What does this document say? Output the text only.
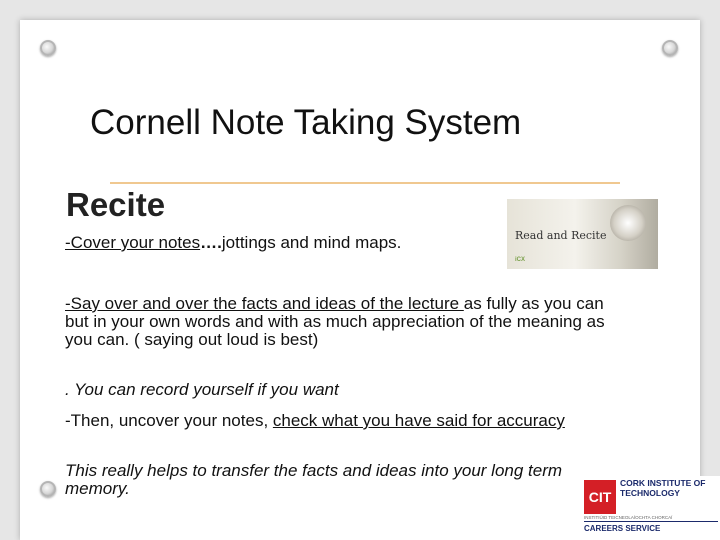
Cornell Note Taking System
Recite

-Cover your notes….jottings and mind maps.	Read and Recite
iCX

-Say over and over the facts and ideas of the lecture as fully as you can but in your own words and with as much appreciation of the meaning as you can. ( saying out loud is best)

. You can record yourself if you want

-Then, uncover your notes, check what you have said for accuracy

This really helps to transfer the facts and ideas into your long term memory.	CIT
CORK INSTITUTE OF TECHNOLOGY
INSTITIÚID TEICNEOLAÍOCHTA CHORCAÍ
CAREERS SERVICE
